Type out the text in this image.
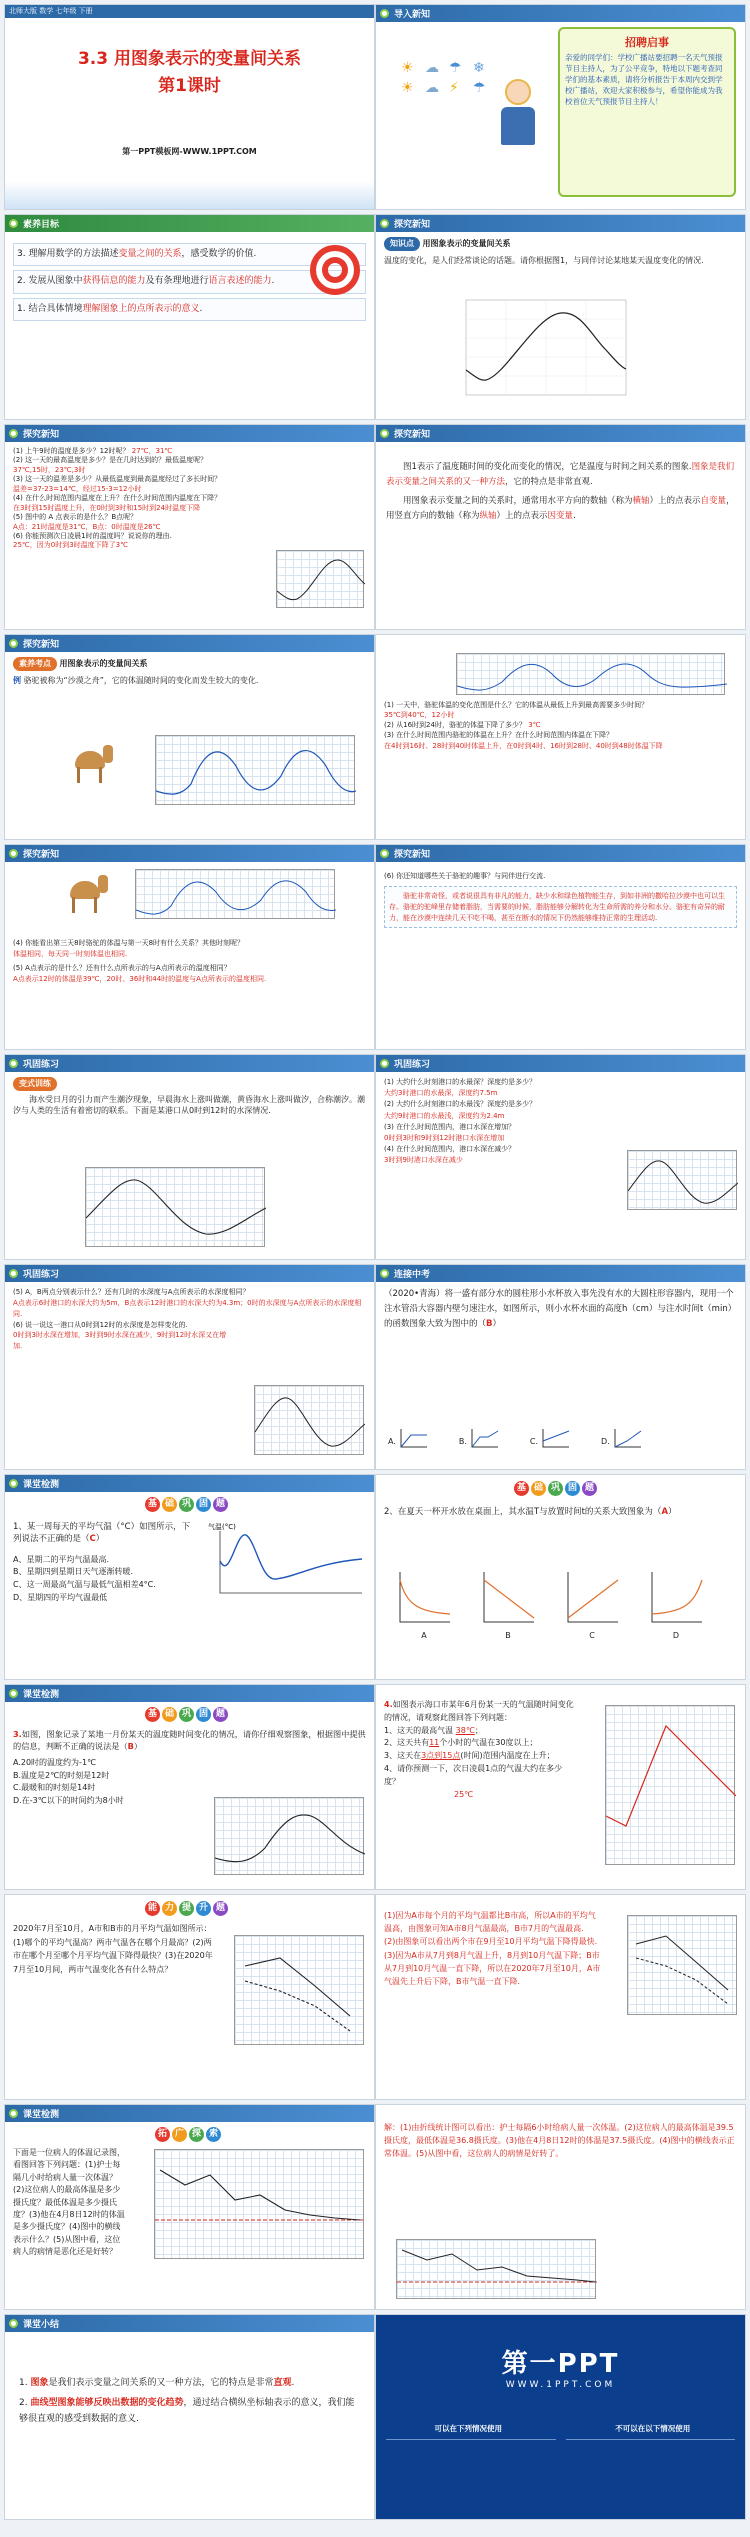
北师大版 数学 七年级 下册
3.3 用图象表示的变量间关系
第1课时
第一PPT模板网-WWW.1PPT.COM
导入新知
☀ ☁ ☂ ❄
☀ ☁ ⚡	☂
招聘启事
亲爱的同学们：学校广播站要招聘一名天气预报节目主持人，为了公平竞争，特地以下题考查同学们的基本素质，请将分析报告于本周内交到学校广播站，欢迎大家积极参与，希望你能成为我校首位天气预报节目主持人！
素养目标
3. 理解用数学的方法描述变量之间的关系，感受数学的价值.
2. 发展从图象中获得信息的能力及有条理地进行语言表述的能力.
1. 结合具体情境理解图象上的点所表示的意义.
探究新知
知识点 用图象表示的变量间关系
温度的变化，是人们经常谈论的话题。请你根据图1，与同伴讨论某地某天温度变化的情况.
探究新知
(1) 上午9时的温度是多少？12时呢？ 27℃，31℃
(2) 这一天的最高温度是多少？是在几时达到的？最低温度呢？
37℃,15时，23℃,3时
(3) 这一天的温差是多少？从最低温度到最高温度经过了多长时间？
温差=37-23=14℃，经过15-3=12小时
(4) 在什么时间范围内温度在上升？在什么时间范围内温度在下降？
在3时到15时温度上升，在0时到3时和15时到24时温度下降
(5) 图中的 A 点表示的是什么？B点呢？
A点：21时温度是31℃，B点：0时温度是26℃
(6) 你能预测次日凌晨1时的温度吗？说说你的理由.
25℃，因为0时到3时温度下降了3℃
探究新知
图1表示了温度随时间的变化而变化的情况，它是温度与时间之间关系的图象.图象是我们表示变量之间关系的又一种方法，它的特点是非常直观.
用图象表示变量之间的关系时，通常用水平方向的数轴（称为横轴）上的点表示自变量，用竖直方向的数轴（称为纵轴）上的点表示因变量.
探究新知
素养考点 用图象表示的变量间关系
例 骆驼被称为“沙漠之舟”，它的体温随时间的变化而发生较大的变化.
(1) 一天中，骆驼体温的变化范围是什么？它的体温从最低上升到最高需要多少时间？
35℃到40℃，12小时
(2) 从16时到24时，骆驼的体温下降了多少？ 3℃
(3) 在什么时间范围内骆驼的体温在上升？在什么时间范围内体温在下降？
在4时到16时、28时到40时体温上升，在0时到4时、16时到28时、40时到48时体温下降
探究新知
(4) 你能看出第三天8时骆驼的体温与第一天8时有什么关系？其他时刻呢？
体温相同，每天同一时刻体温也相同.
(5) A点表示的是什么？还有什么点所表示的与A点所表示的温度相同？
A点表示12时的体温是39℃，20时、36时和44时的温度与A点所表示的温度相同.
探究新知
(6) 你还知道哪些关于骆驼的趣事？与同伴进行交流.
骆驼非常奇怪，或者说很具有非凡的能力，缺少水和绿色植物能生存，到如非洲的撒哈拉沙漠中也可以生存。骆驼的驼峰里存储着脂肪，当需要的时候，脂肪能够分解转化为生命所需的养分和水分。骆驼有奇异的耐力，能在沙漠中连续几天不吃不喝，甚至在断水的情况下仍然能够维持正常的生理活动.
巩固练习
变式训练
海水受日月的引力而产生潮汐现象，早晨海水上涨叫做潮，黄昏海水上涨叫做汐，合称潮汐。潮汐与人类的生活有着密切的联系。下面是某港口从0时到12时的水深情况.
巩固练习
(1) 大约什么时刻港口的水最深？深度约是多少？
大约3时港口的水最深，深度约7.5m
(2) 大约什么时刻港口的水最浅？深度约是多少？
大约9时港口的水最浅，深度约为2.4m
(3) 在什么时间范围内，港口水深在增加？
0时到3时和9时到12时港口水深在增加
(4) 在什么时间范围内，港口水深在减少？
3时到9时港口水深在减少
巩固练习
(5) A，B两点分别表示什么？还有几时的水深度与A点所表示的水深度相同？
A点表示6时港口的水深大约为5m，B点表示12时港口的水深大约为4.3m；0时的水深度与A点所表示的水深度相同.
(6) 说一说这一港口从0时到12时的水深度是怎样变化的.
0时到3时水深在增加，3时到9时水深在减少，9时到12时水深又在增加.
连接中考
（2020•青海）将一盛有部分水的圆柱形小水杯放入事先没有水的大圆柱形容器内，现用一个注水管沿大容器内壁匀速注水，如图所示，则小水杯水面的高度h（cm）与注水时间t（min）的函数图象大致为图中的（B）
A.	B.	C.	D.
课堂检测
基 础 巩 固 题
1、某一周每天的平均气温（°C）如图所示，下列说法不正确的是（C）
A、星期二的平均气温最高.
B、星期四到星期日天气逐渐转暖.
C、这一周最高气温与最低气温相差4°C.
D、星期四的平均气温最低
气温(°C)
基 础 巩 固 题
2、在夏天一杯开水放在桌面上，其水温T与放置时间t的关系大致图象为（A）
A	B	C	D
课堂检测
基 础 巩 固 题
3.如图，图象记录了某地一月份某天的温度随时间变化的情况，请你仔细观察图象，根据图中提供的信息，判断不正确的说法是（B）
A.20时的温度约为-1℃
B.温度是2℃的时刻是12时
C.最暖和的时刻是14时
D.在-3℃以下的时间约为8小时
4.如图表示海口市某年6月份某一天的气温随时间变化的情况，请观察此图回答下列问题：
1、这天的最高气温 38℃；
2、这天共有11个小时的气温在30度以上；
3、这天在3点到15点(时间)范围内温度在上升；
4、请你预测一下，次日凌晨1点的气温大约在多少度？
25℃
能 力 提 升 题
2020年7月至10月，A市和B市的月平均气温如图所示：(1)哪个的平均气温高？两市气温各在哪个月最高？(2)两市在哪个月至哪个月平均气温下降得最快？(3)在2020年7月至10月间，两市气温变化各有什么特点？
(1)因为A市每个月的平均气温都比B市高，所以A市的平均气温高，由图象可知A市8月气温最高，B市7月的气温最高.
(2)由图象可以看出两个市在9月至10月平均气温下降得最快.
(3)因为A市从7月到8月气温上升，8月到10月气温下降；B市从7月到10月气温一直下降，所以在2020年7月至10月，A市气温先上升后下降，B市气温一直下降.
课堂检测
拓 广 探 索
下面是一位病人的体温记录图，看图回答下列问题：(1)护士每隔几小时给病人量一次体温？(2)这位病人的最高体温是多少摄氏度？最低体温是多少摄氏度？(3)他在4月8日12时的体温是多少摄氏度？(4)图中的横线表示什么？(5)从图中看，这位病人的病情是恶化还是好转？
解：(1)由折线统计图可以看出：护士每隔6小时给病人量一次体温。(2)这位病人的最高体温是39.5摄氏度，最低体温是36.8摄氏度。(3)他在4月8日12时的体温是37.5摄氏度。(4)图中的横线表示正常体温。(5)从图中看，这位病人的病情是好转了。
课堂小结
1. 图象是我们表示变量之间关系的又一种方法，它的特点是非常直观.
2. 曲线型图象能够反映出数据的变化趋势，通过结合横纵坐标轴表示的意义，我们能够很直观的感受到数据的意义.
第一PPT
WWW.1PPT.COM
可以在下列情况使用	不可以在以下情况使用
